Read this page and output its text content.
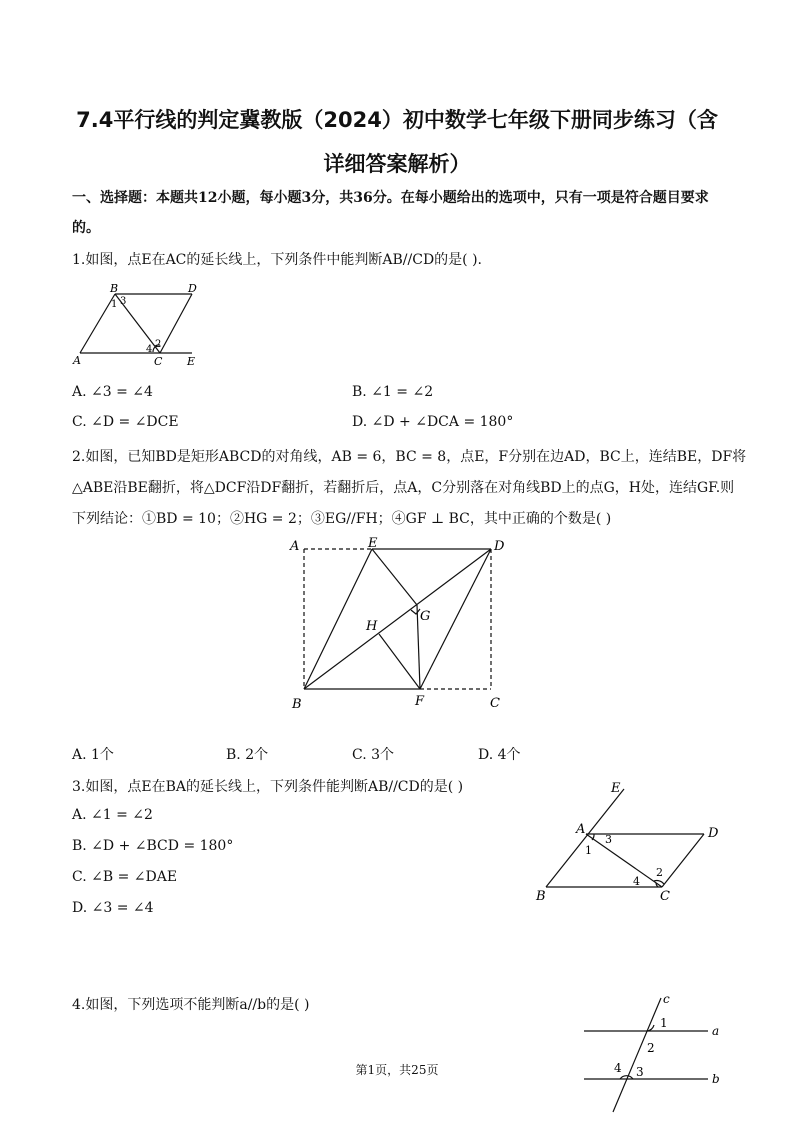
7.4平行线的判定冀教版（2024）初中数学七年级下册同步练习（含
详细答案解析）
一、选择题：本题共12小题，每小题3分，共36分。在每小题给出的选项中，只有一项是符合题目要求
的。
1.如图，点E在AC的延长线上，下列条件中能判断AB//CD的是( ).
A
B	D
C E
1 3
2
4
A. ∠3 = ∠4	B. ∠1 = ∠2
C. ∠D = ∠DCE	D. ∠D + ∠DCA = 180°
2.如图，已知BD是矩形ABCD的对角线，AB = 6，BC = 8，点E，F分别在边AD，BC上，连结BE，DF将
△ABE沿BE翻折，将△DCF沿DF翻折，若翻折后，点A，C分别落在对角线BD上的点G，H处，连结GF.则
下列结论：①BD = 10；②HG = 2；③EG//FH；④GF ⊥ BC，其中正确的个数是( )
A	E	D
G
H
B	F	C
A. 1个	B. 2个	C. 3个	D. 4个
3.如图，点E在BA的延长线上，下列条件能判断AB//CD的是( )
A. ∠1 = ∠2
B. ∠D + ∠BCD = 180°
C. ∠B = ∠DAE
D. ∠3 = ∠4
E
A	D
B	C
1
3
2
4
4.如图，下列选项不能判断a//b的是( )	c
a
b
1
2
4 3
第1页，共25页
